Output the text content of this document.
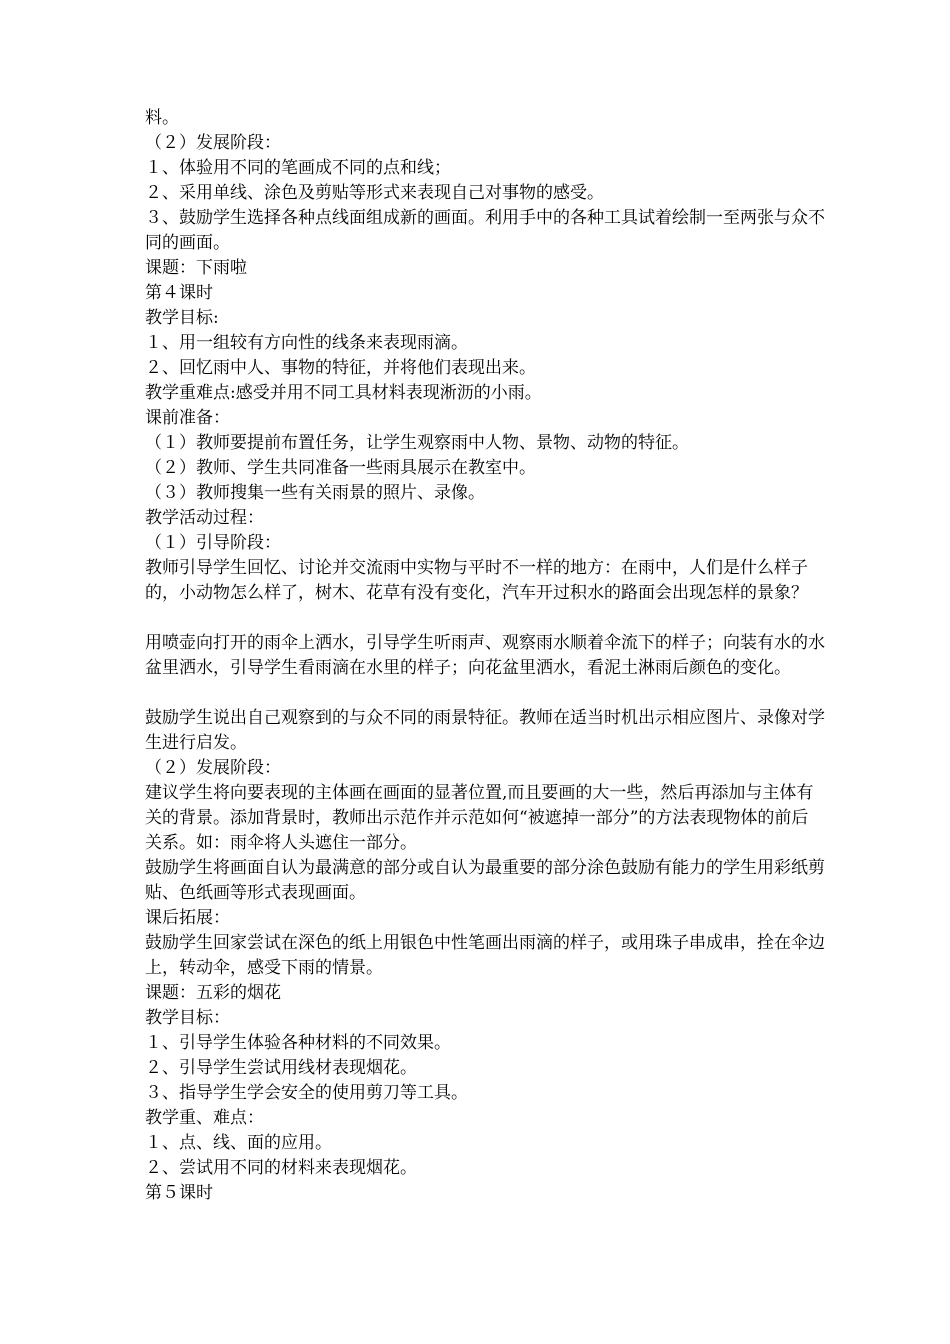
料。
（２）发展阶段：
１、体验用不同的笔画成不同的点和线；
２、采用单线、涂色及剪贴等形式来表现自己对事物的感受。
３、鼓励学生选择各种点线面组成新的画面。利用手中的各种工具试着绘制一至两张与众不同的画面。
课题：下雨啦
第４课时
教学目标:
１、用一组较有方向性的线条来表现雨滴。
２、回忆雨中人、事物的特征，并将他们表现出来。
教学重难点:感受并用不同工具材料表现淅沥的小雨。
课前准备：
（１）教师要提前布置任务，让学生观察雨中人物、景物、动物的特征。
（２）教师、学生共同准备一些雨具展示在教室中。
（３）教师搜集一些有关雨景的照片、录像。
教学活动过程：
（１）引导阶段：
教师引导学生回忆、讨论并交流雨中实物与平时不一样的地方：在雨中，人们是什么样子的，小动物怎么样了，树木、花草有没有变化，汽车开过积水的路面会出现怎样的景象？
用喷壶向打开的雨伞上洒水，引导学生听雨声、观察雨水顺着伞流下的样子；向装有水的水盆里洒水，引导学生看雨滴在水里的样子；向花盆里洒水，看泥土淋雨后颜色的变化。
鼓励学生说出自己观察到的与众不同的雨景特征。教师在适当时机出示相应图片、录像对学生进行启发。
（２）发展阶段：
建议学生将向要表现的主体画在画面的显著位置,而且要画的大一些，然后再添加与主体有关的背景。添加背景时，教师出示范作并示范如何“被遮掉一部分”的方法表现物体的前后关系。如：雨伞将人头遮住一部分。
鼓励学生将画面自认为最满意的部分或自认为最重要的部分涂色鼓励有能力的学生用彩纸剪贴、色纸画等形式表现画面。
课后拓展：
鼓励学生回家尝试在深色的纸上用银色中性笔画出雨滴的样子，或用珠子串成串，拴在伞边上，转动伞，感受下雨的情景。
课题：五彩的烟花
教学目标：
１、引导学生体验各种材料的不同效果。
２、引导学生尝试用线材表现烟花。
３、指导学生学会安全的使用剪刀等工具。
教学重、难点：
１、点、线、面的应用。
２、尝试用不同的材料来表现烟花。
第５课时
